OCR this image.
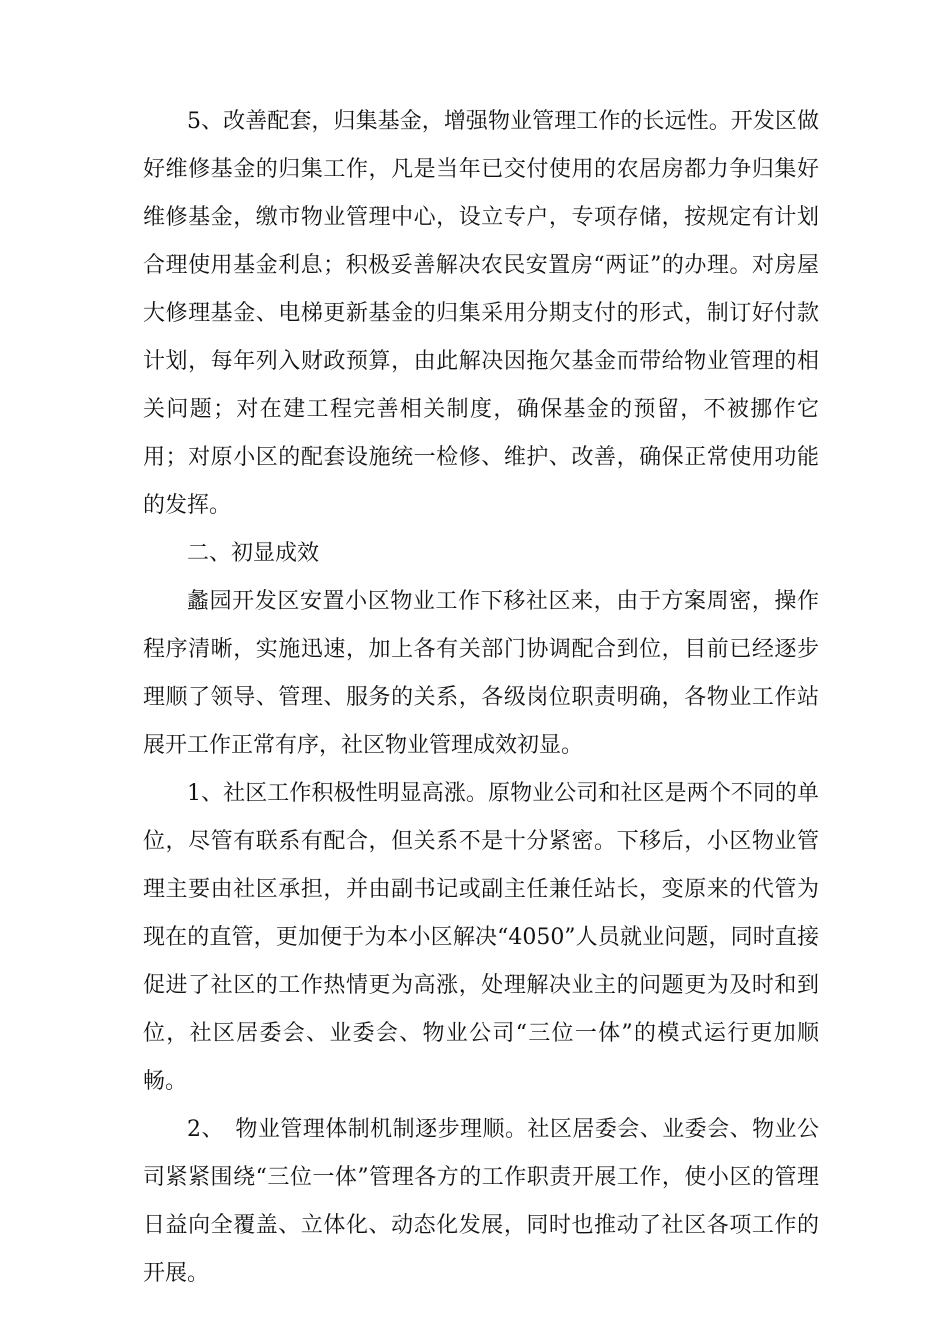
5、改善配套，归集基金，增强物业管理工作的长远性。开发区做好维修基金的归集工作，凡是当年已交付使用的农居房都力争归集好维修基金，缴市物业管理中心，设立专户，专项存储，按规定有计划合理使用基金利息；积极妥善解决农民安置房“两证”的办理。对房屋大修理基金、电梯更新基金的归集采用分期支付的形式，制订好付款计划，每年列入财政预算，由此解决因拖欠基金而带给物业管理的相关问题；对在建工程完善相关制度，确保基金的预留，不被挪作它用；对原小区的配套设施统一检修、维护、改善，确保正常使用功能的发挥。

二、初显成效

蠡园开发区安置小区物业工作下移社区来，由于方案周密，操作程序清晰，实施迅速，加上各有关部门协调配合到位，目前已经逐步理顺了领导、管理、服务的关系，各级岗位职责明确，各物业工作站展开工作正常有序，社区物业管理成效初显。

1、社区工作积极性明显高涨。原物业公司和社区是两个不同的单位，尽管有联系有配合，但关系不是十分紧密。下移后，小区物业管理主要由社区承担，并由副书记或副主任兼任站长，变原来的代管为现在的直管，更加便于为本小区解决“4050”人员就业问题，同时直接促进了社区的工作热情更为高涨，处理解决业主的问题更为及时和到位，社区居委会、业委会、物业公司“三位一体”的模式运行更加顺畅。

2、　物业管理体制机制逐步理顺。社区居委会、业委会、物业公司紧紧围绕“三位一体”管理各方的工作职责开展工作，使小区的管理日益向全覆盖、立体化、动态化发展，同时也推动了社区各项工作的开展。
